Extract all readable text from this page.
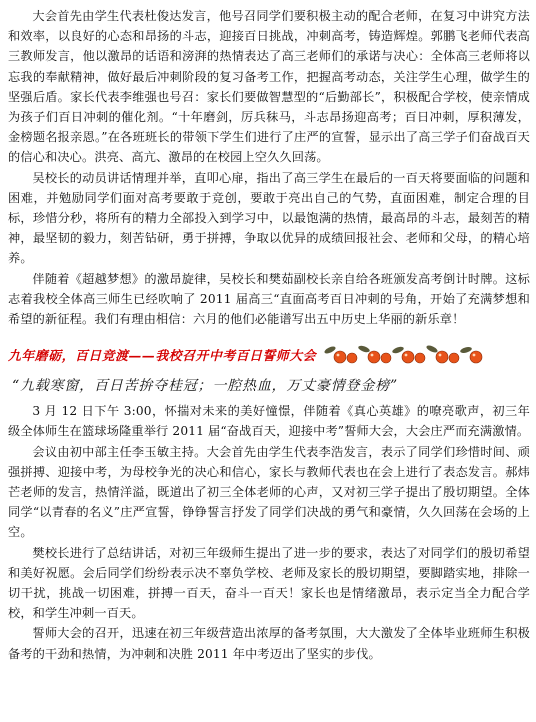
大会首先由学生代表杜俊达发言，他号召同学们要积极主动的配合老师，在复习中讲究方法和效率，以良好的心态和昂扬的斗志，迎接百日挑战，冲刺高考，铸造辉煌。郭鹏飞老师代表高三教师发言，他以激昂的话语和滂湃的热情表达了高三老师们的承诺与决心：全体高三老师将以忘我的奉献精神，做好最后冲刺阶段的复习备考工作，把握高考动态，关注学生心理，做学生的坚强后盾。家长代表李维强也号召：家长们要做智慧型的“后勤部长”，积极配合学校，使亲情成为孩子们百日冲刺的催化剂。“十年磨剑，厉兵秣马，斗志昂扬迎高考；百日冲刺，厚积薄发，金榜题名报亲恩。”在各班班长的带领下学生们进行了庄严的宣誓，显示出了高三学子们奋战百天的信心和决心。洪亮、高亢、激昂的在校园上空久久回荡。

吴校长的动员讲话情理并举，直叩心扉，指出了高三学生在最后的一百天将要面临的问题和困难，并勉励同学们面对高考要敢于竞创，要敢于亮出自己的气势，直面困难，制定合理的目标，珍惜分秒，将所有的精力全部投入到学习中，以最饱满的热情，最高昂的斗志，最刻苦的精神，最坚韧的毅力，刻苦钻研，勇于拼搏，争取以优异的成绩回报社会、老师和父母，的精心培养。

伴随着《超越梦想》的激昂旋律，吴校长和樊茹副校长亲自给各班颁发高考倒计时牌。这标志着我校全体高三师生已经吹响了 2011 届高三“直面高考百日冲刺的号角，开始了充满梦想和希望的新征程。我们有理由相信：六月的他们必能谱写出五中历史上华丽的新乐章！

九年磨砺，百日竞渡——我校召开中考百日誓师大会
“九载寒窗，百日苦拚夺桂冠；一腔热血，万丈豪情登金榜”

3 月 12 日下午 3:00，怀揣对未来的美好憧憬，伴随着《真心英雄》的嘹亮歌声，初三年级全体师生在篮球场隆重举行 2011 届“奋战百天，迎接中考”誓师大会，大会庄严而充满激情。

会议由初中部主任李玉敏主持。大会首先由学生代表李浩发言，表示了同学们珍惜时间、顽强拼搏、迎接中考，为母校争光的决心和信心，家长与教师代表也在会上进行了表态发言。郝炜芒老师的发言，热情洋溢，既道出了初三全体老师的心声，又对初三学子提出了殷切期望。全体同学“以青春的名义”庄严宣誓，铮铮誓言抒发了同学们决战的勇气和豪情，久久回荡在会场的上空。

樊校长进行了总结讲话，对初三年级师生提出了进一步的要求，表达了对同学们的殷切希望和美好祝愿。会后同学们纷纷表示决不辜负学校、老师及家长的殷切期望，要脚踏实地，排除一切干扰，挑战一切困难，拼搏一百天，奋斗一百天！家长也是情绪激昂，表示定当全力配合学校，和学生冲刺一百天。

誓师大会的召开，迅速在初三年级营造出浓厚的备考氛围，大大激发了全体毕业班师生积极备考的干劲和热情，为冲刺和决胜 2011 年中考迈出了坚实的步伐。
